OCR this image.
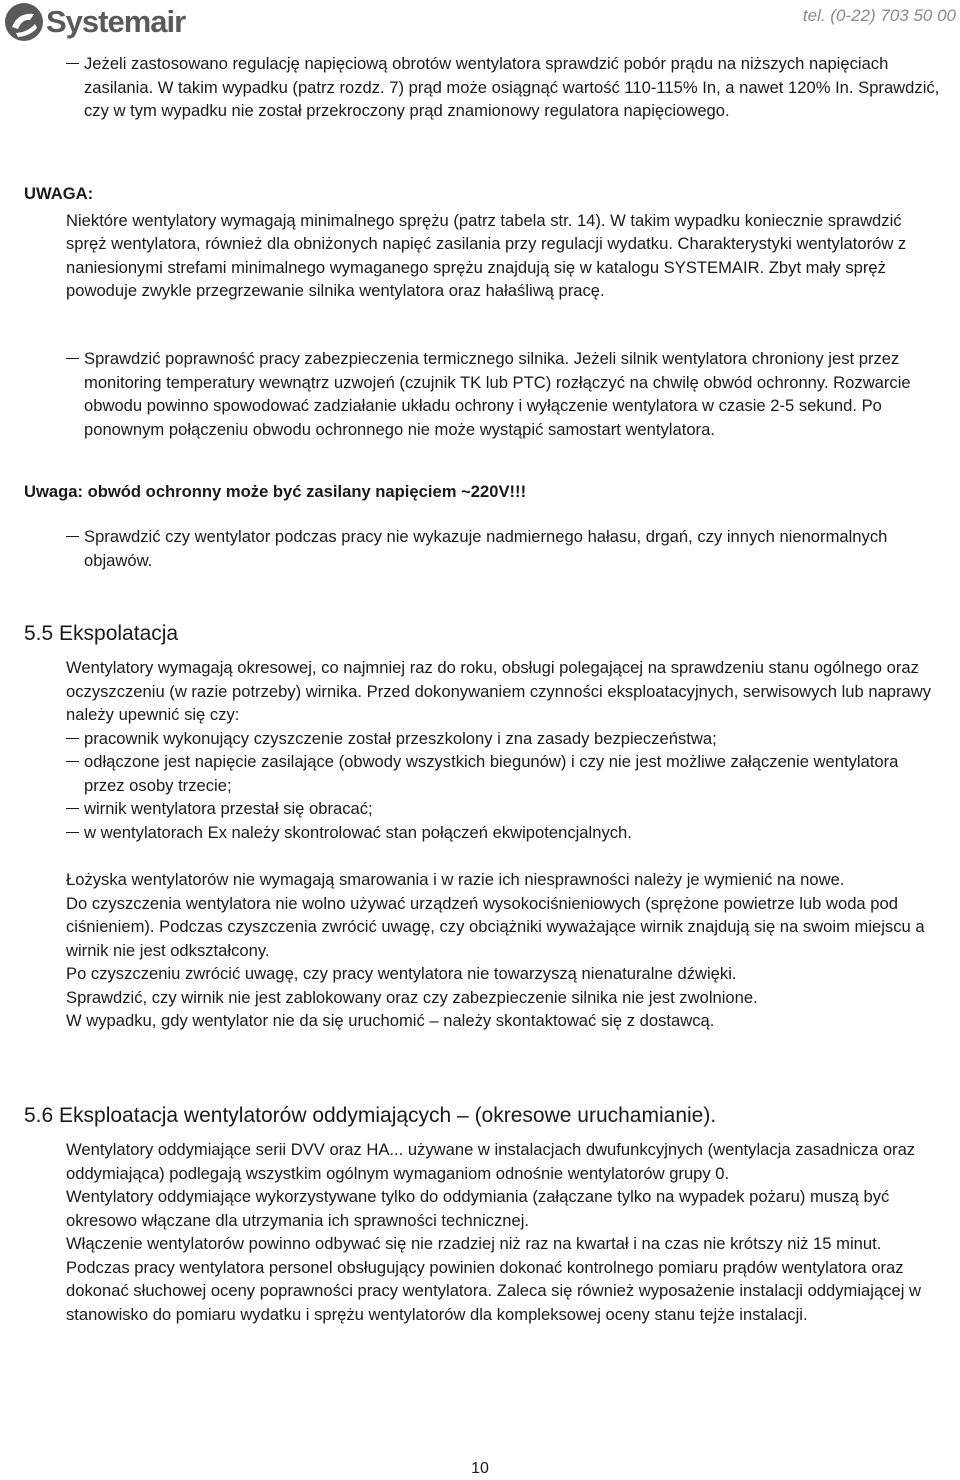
Systemair	tel. (0-22) 703 50 00

Jeżeli zastosowano regulację napięciową obrotów wentylatora sprawdzić pobór prądu na niższych napięciach zasilania. W takim wypadku (patrz rozdz. 7) prąd może osiągnąć wartość 110-115% In, a nawet 120% In. Sprawdzić, czy w tym wypadku nie został przekroczony prąd znamionowy regulatora napięciowego.

UWAGA:

Niektóre wentylatory wymagają minimalnego sprężu (patrz tabela str. 14). W takim wypadku koniecznie sprawdzić spręż wentylatora, również dla obniżonych napięć zasilania przy regulacji wydatku. Charakterystyki wentylatorów z naniesionymi strefami minimalnego wymaganego sprężu znajdują się w katalogu SYSTEMAIR. Zbyt mały spręż powoduje zwykle przegrzewanie silnika wentylatora oraz hałaśliwą pracę.

Sprawdzić poprawność pracy zabezpieczenia termicznego silnika. Jeżeli silnik wentylatora chroniony jest przez monitoring temperatury wewnątrz uzwojeń (czujnik TK lub PTC) rozłączyć na chwilę obwód ochronny. Rozwarcie obwodu powinno spowodować zadziałanie układu ochrony i wyłączenie wentylatora w czasie 2-5 sekund. Po ponownym połączeniu obwodu ochronnego nie może wystąpić samostart wentylatora.

Uwaga: obwód ochronny może być zasilany napięciem ~220V!!!

Sprawdzić czy wentylator podczas pracy nie wykazuje nadmiernego hałasu, drgań, czy innych nienormalnych objawów.

5.5 Ekspolatacja

Wentylatory wymagają okresowej, co najmniej raz do roku, obsługi polegającej na sprawdzeniu stanu ogólnego oraz oczyszczeniu (w razie potrzeby) wirnika. Przed dokonywaniem czynności eksploatacyjnych, serwisowych lub naprawy należy upewnić się czy:

pracownik wykonujący czyszczenie został przeszkolony i zna zasady bezpieczeństwa;

odłączone jest napięcie zasilające (obwody wszystkich biegunów) i czy nie jest możliwe załączenie wentylatora przez osoby trzecie;

wirnik wentylatora przestał się obracać;

w wentylatorach Ex należy skontrolować stan połączeń ekwipotencjalnych.

Łożyska wentylatorów nie wymagają smarowania i w razie ich niesprawności należy je wymienić na nowe.

Do czyszczenia wentylatora nie wolno używać urządzeń wysokociśnieniowych (sprężone powietrze lub woda pod ciśnieniem). Podczas czyszczenia zwrócić uwagę, czy obciążniki wyważające wirnik znajdują się na swoim miejscu a wirnik nie jest odkształcony.

Po czyszczeniu zwrócić uwagę, czy pracy wentylatora nie towarzyszą nienaturalne dźwięki.

Sprawdzić, czy wirnik nie jest zablokowany oraz czy zabezpieczenie silnika nie jest zwolnione.

W wypadku, gdy wentylator nie da się uruchomić – należy skontaktować się z dostawcą.

5.6 Eksploatacja wentylatorów oddymiających – (okresowe uruchamianie).

Wentylatory oddymiające serii DVV oraz HA... używane w instalacjach dwufunkcyjnych (wentylacja zasadnicza oraz oddymiająca) podlegają wszystkim ogólnym wymaganiom odnośnie wentylatorów grupy 0.

Wentylatory oddymiające wykorzystywane tylko do oddymiania (załączane tylko na wypadek pożaru) muszą być okresowo włączane dla utrzymania ich sprawności technicznej.

Włączenie wentylatorów powinno odbywać się nie rzadziej niż raz na kwartał i na czas nie krótszy niż 15 minut. Podczas pracy wentylatora personel obsługujący powinien dokonać kontrolnego pomiaru prądów wentylatora oraz dokonać słuchowej oceny poprawności pracy wentylatora. Zaleca się również wyposażenie instalacji oddymiającej w stanowisko do pomiaru wydatku i sprężu wentylatorów dla kompleksowej oceny stanu tejże instalacji.

10
